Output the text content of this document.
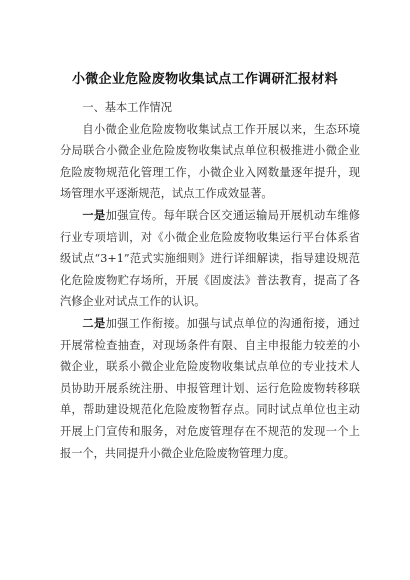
小微企业危险废物收集试点工作调研汇报材料
一、基本工作情况

自小微企业危险废物收集试点工作开展以来，生态环境分局联合小微企业危险废物收集试点单位积极推进小微企业危险废物规范化管理工作，小微企业入网数量逐年提升，现场管理水平逐渐规范，试点工作成效显著。

一是加强宣传。每年联合区交通运输局开展机动车维修行业专项培训，对《小微企业危险废物收集运行平台体系省级试点“3+1”范式实施细则》进行详细解读，指导建设规范化危险废物贮存场所，开展《固废法》普法教育，提高了各汽修企业对试点工作的认识。

二是加强工作衔接。加强与试点单位的沟通衔接，通过开展常检查抽查，对现场条件有限、自主申报能力较差的小微企业，联系小微企业危险废物收集试点单位的专业技术人员协助开展系统注册、申报管理计划、运行危险废物转移联单，帮助建设规范化危险废物暂存点。同时试点单位也主动开展上门宣传和服务，对危废管理存在不规范的发现一个上报一个，共同提升小微企业危险废物管理力度。
